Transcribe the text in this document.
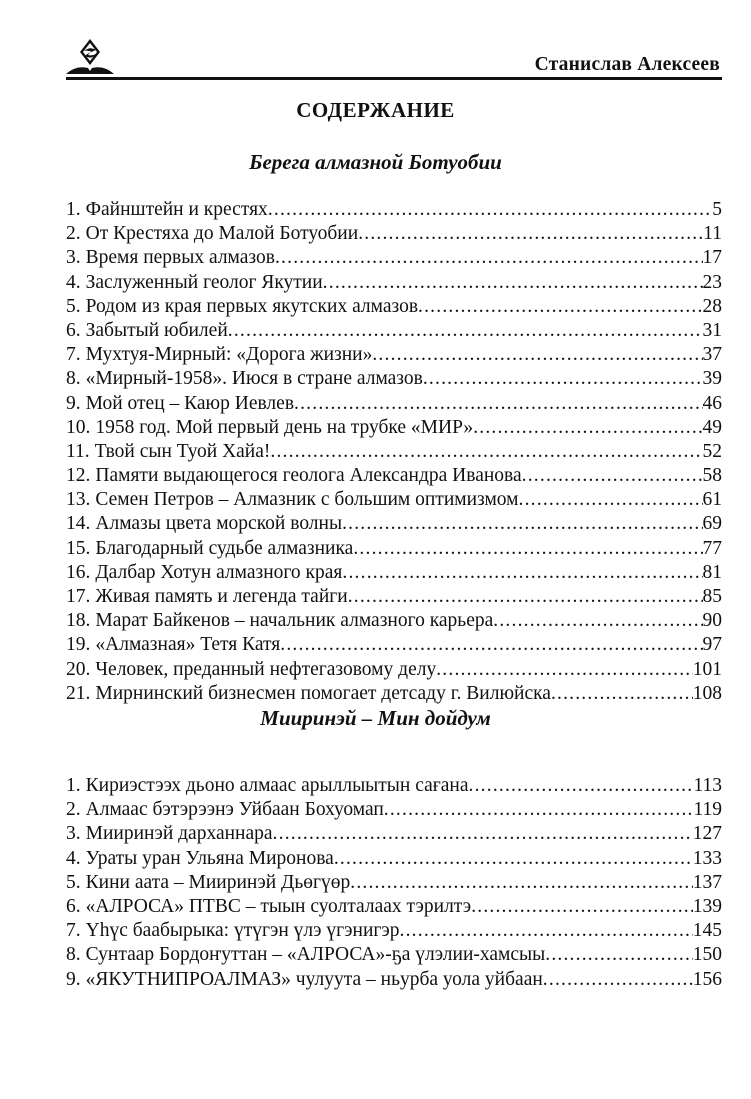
Станислав Алексеев
СОДЕРЖАНИЕ
Берега алмазной Ботуобии
1. Файнштейн и крестях .....	5
2. От Крестяха до Малой Ботуобии .....	11
3. Время первых алмазов .....	17
4. Заслуженный геолог Якутии .....	23
5. Родом из края первых якутских алмазов .....	28
6. Забытый юбилей .....	31
7. Мухтуя-Мирный: «Дорога жизни» .....	37
8. «Мирный-1958». Июся в стране алмазов .....	39
9. Мой отец – Каюр Иевлев .....	46
10. 1958 год. Мой первый день на трубке «МИР» .....	49
11. Твой сын Туой Хайа! .....	52
12. Памяти выдающегося геолога Александра Иванова .....	58
13. Семен Петров – Алмазник с большим оптимизмом .....	61
14. Алмазы цвета морской волны .....	69
15. Благодарный судьбе алмазника .....	77
16. Далбар Хотун алмазного края .....	81
17. Живая память и легенда тайги .....	85
18. Марат Байкенов – начальник алмазного карьера .....	90
19. «Алмазная» Тетя Катя .....	97
20. Человек, преданный нефтегазовому делу .....	101
21. Мирнинский бизнесмен помогает детсаду г. Вилюйска .....	108
Мииринэй – Мин дойдум
1. Кириэстээх дьоно алмаас арыллыытын сағана .....	113
2. Алмаас бэтэрээнэ Уйбаан Бохуомап .....	119
3. Мииринэй дарханнара .....	127
4. Ураты уран Ульяна Миронова .....	133
5. Кини аата – Мииринэй Дьөгүөр .....	137
6. «АЛРОСА» ПТВС – тыын суолталаах тэрилтэ .....	139
7. Үһүс баабырыка: үтүгэн үлэ үгэнигэр .....	145
8. Сунтаар Бордоҥуттан – «АЛРОСА»-ҕа үлэлии-хамсыы .....	150
9. «ЯКУТНИПРОАЛМАЗ» чулуута – ньурба уола уйбаан .....	156
